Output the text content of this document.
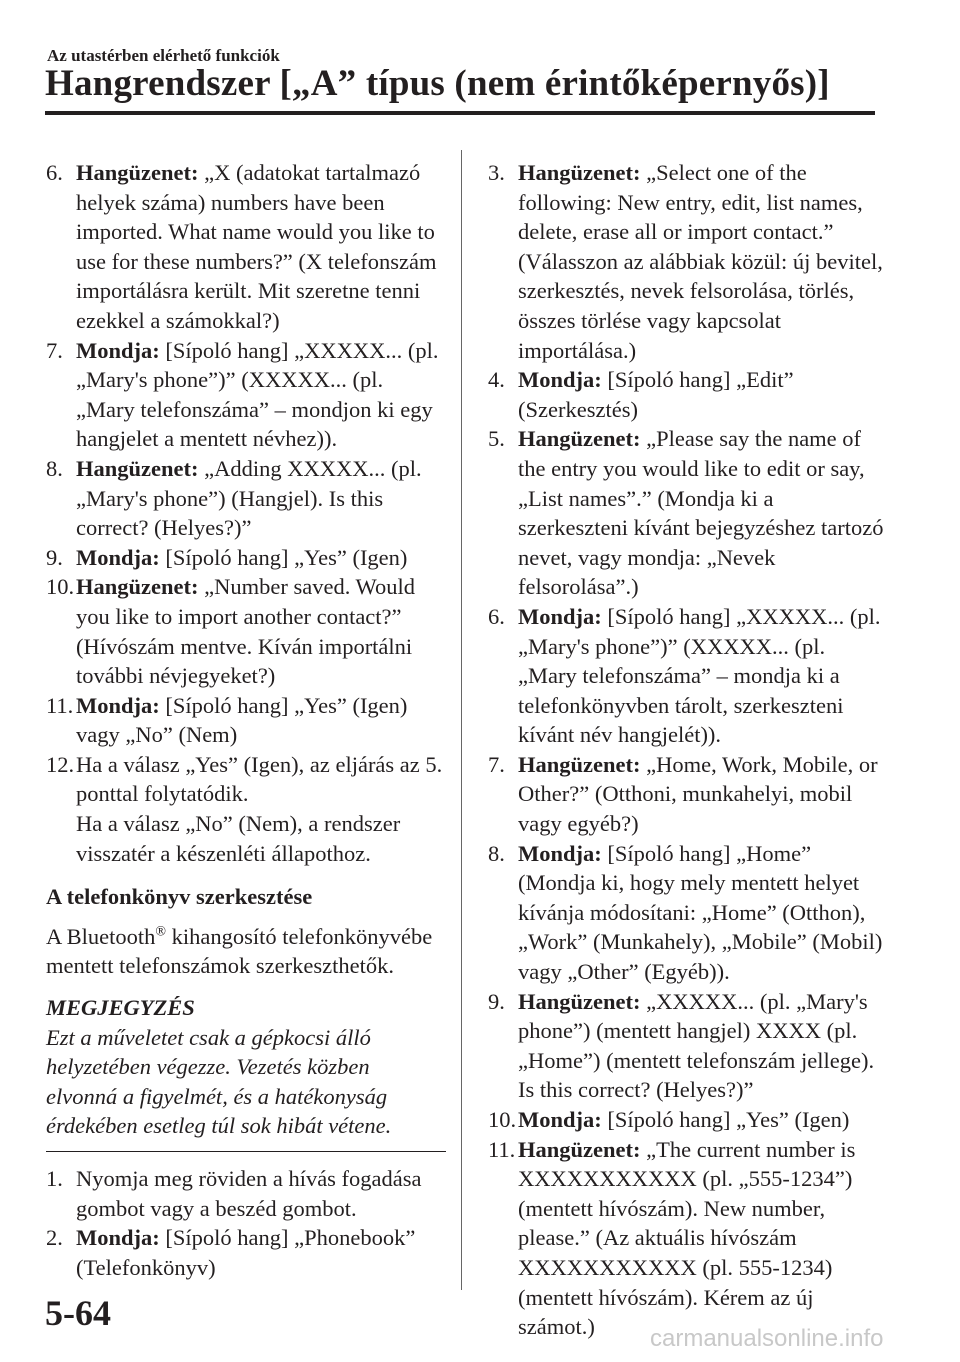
Az utastérben elérhető funkciók

Hangrendszer [„A” típus (nem érintőképernyős)]
6. Hangüzenet: „X (adatokat tartalmazó helyek száma) numbers have been imported. What name would you like to use for these numbers?” (X telefonszám importálásra került. Mit szeretne tenni ezekkel a számokkal?)
7. Mondja: [Sípoló hang] „XXXXX... (pl. „Mary's phone”)” (XXXXX... (pl. „Mary telefonszáma” – mondjon ki egy hangjelet a mentett névhez)).
8. Hangüzenet: „Adding XXXXX... (pl. „Mary's phone”) (Hangjel). Is this correct? (Helyes?)”
9. Mondja: [Sípoló hang] „Yes” (Igen)
10. Hangüzenet: „Number saved. Would you like to import another contact?” (Hívószám mentve. Kíván importálni további névjegyeket?)
11. Mondja: [Sípoló hang] „Yes” (Igen) vagy „No” (Nem)
12. Ha a válasz „Yes” (Igen), az eljárás az 5. ponttal folytatódik.
Ha a válasz „No” (Nem), a rendszer visszatér a készenléti állapothoz.
A telefonkönyv szerkesztése
A Bluetooth® kihangosító telefonkönyvébe mentett telefonszámok szerkeszthetők.
MEGJEGYZÉS
Ezt a műveletet csak a gépkocsi álló helyzetében végezze. Vezetés közben elvonná a figyelmét, és a hatékonyság érdekében esetleg túl sok hibát vétene.
1. Nyomja meg röviden a hívás fogadása gombot vagy a beszéd gombot.
2. Mondja: [Sípoló hang] „Phonebook” (Telefonkönyv)
3. Hangüzenet: „Select one of the following: New entry, edit, list names, delete, erase all or import contact.” (Válasszon az alábbiak közül: új bevitel, szerkesztés, nevek felsorolása, törlés, összes törlése vagy kapcsolat importálása.)
4. Mondja: [Sípoló hang] „Edit” (Szerkesztés)
5. Hangüzenet: „Please say the name of the entry you would like to edit or say, „List names”.” (Mondja ki a szerkeszteni kívánt bejegyzéshez tartozó nevet, vagy mondja: „Nevek felsorolása”.)
6. Mondja: [Sípoló hang] „XXXXX... (pl. „Mary's phone”)” (XXXXX... (pl. „Mary telefonszáma” – mondja ki a telefonkönyvben tárolt, szerkeszteni kívánt név hangjelét)).
7. Hangüzenet: „Home, Work, Mobile, or Other?” (Otthoni, munkahelyi, mobil vagy egyéb?)
8. Mondja: [Sípoló hang] „Home” (Mondja ki, hogy mely mentett helyet kívánja módosítani: „Home” (Otthon), „Work” (Munkahely), „Mobile” (Mobil) vagy „Other” (Egyéb)).
9. Hangüzenet: „XXXXX... (pl. „Mary's phone”) (mentett hangjel) XXXX (pl. „Home”) (mentett telefonszám jellege). Is this correct? (Helyes?)”
10. Mondja: [Sípoló hang] „Yes” (Igen)
11. Hangüzenet: „The current number is XXXXXXXXXXX (pl. „555-1234”) (mentett hívószám). New number, please.” (Az aktuális hívószám XXXXXXXXXXX (pl. 555-1234) (mentett hívószám). Kérem az új számot.)

5-64

carmanualsonline.info
